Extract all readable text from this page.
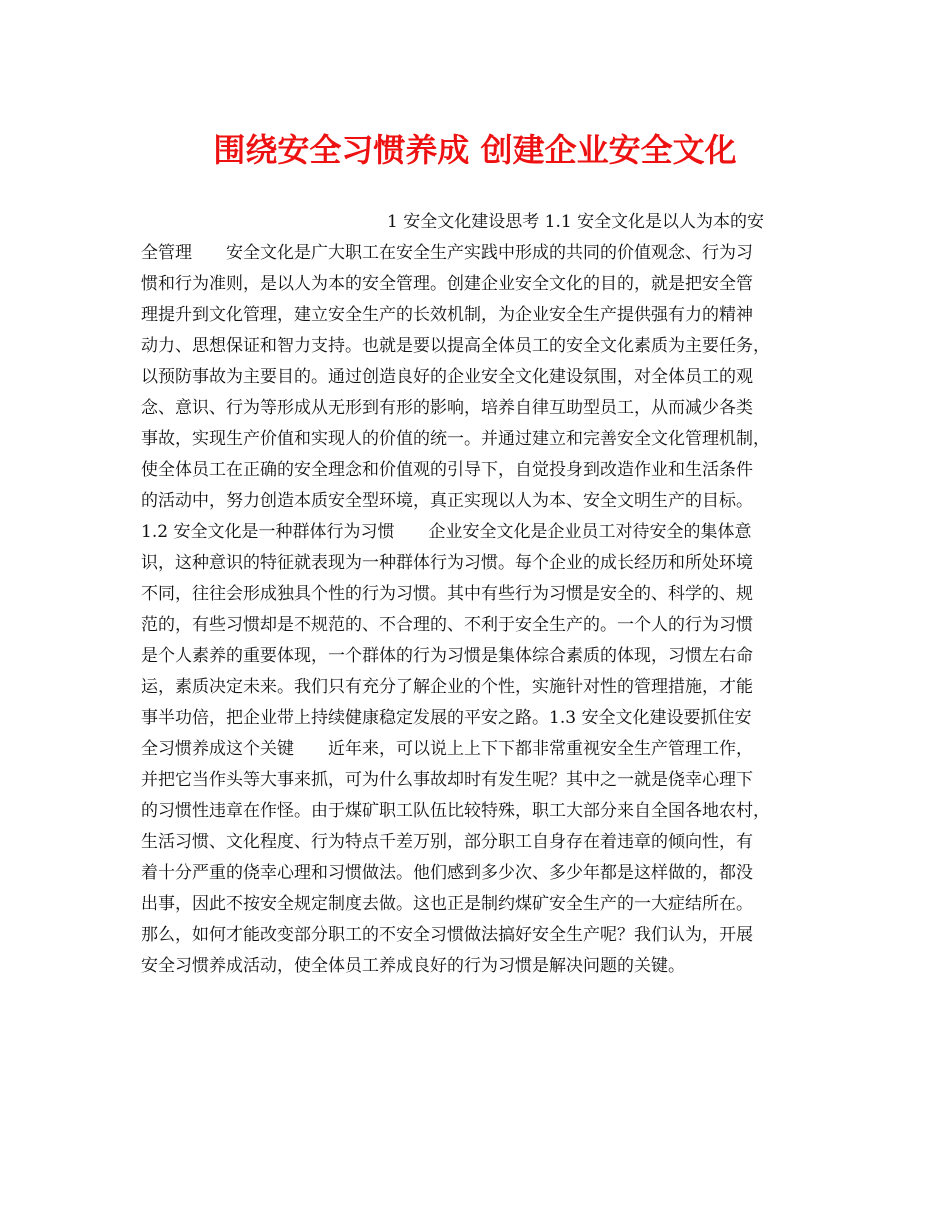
围绕安全习惯养成 创建企业安全文化
1 安全文化建设思考 1.1 安全文化是以人为本的安
全管理　　安全文化是广大职工在安全生产实践中形成的共同的价值观念、行为习
惯和行为准则，是以人为本的安全管理。创建企业安全文化的目的，就是把安全管
理提升到文化管理，建立安全生产的长效机制，为企业安全生产提供强有力的精神
动力、思想保证和智力支持。也就是要以提高全体员工的安全文化素质为主要任务，
以预防事故为主要目的。通过创造良好的企业安全文化建设氛围，对全体员工的观
念、意识、行为等形成从无形到有形的影响，培养自律互助型员工，从而减少各类
事故，实现生产价值和实现人的价值的统一。并通过建立和完善安全文化管理机制，
使全体员工在正确的安全理念和价值观的引导下，自觉投身到改造作业和生活条件
的活动中，努力创造本质安全型环境，真正实现以人为本、安全文明生产的目标。
1.2 安全文化是一种群体行为习惯　　企业安全文化是企业员工对待安全的集体意
识，这种意识的特征就表现为一种群体行为习惯。每个企业的成长经历和所处环境
不同，往往会形成独具个性的行为习惯。其中有些行为习惯是安全的、科学的、规
范的，有些习惯却是不规范的、不合理的、不利于安全生产的。一个人的行为习惯
是个人素养的重要体现，一个群体的行为习惯是集体综合素质的体现，习惯左右命
运，素质决定未来。我们只有充分了解企业的个性，实施针对性的管理措施，才能
事半功倍，把企业带上持续健康稳定发展的平安之路。1.3 安全文化建设要抓住安
全习惯养成这个关键　　近年来，可以说上上下下都非常重视安全生产管理工作，
并把它当作头等大事来抓，可为什么事故却时有发生呢？其中之一就是侥幸心理下
的习惯性违章在作怪。由于煤矿职工队伍比较特殊，职工大部分来自全国各地农村，
生活习惯、文化程度、行为特点千差万别，部分职工自身存在着违章的倾向性，有
着十分严重的侥幸心理和习惯做法。他们感到多少次、多少年都是这样做的，都没
出事，因此不按安全规定制度去做。这也正是制约煤矿安全生产的一大症结所在。
那么，如何才能改变部分职工的不安全习惯做法搞好安全生产呢？我们认为，开展
安全习惯养成活动，使全体员工养成良好的行为习惯是解决问题的关键。
